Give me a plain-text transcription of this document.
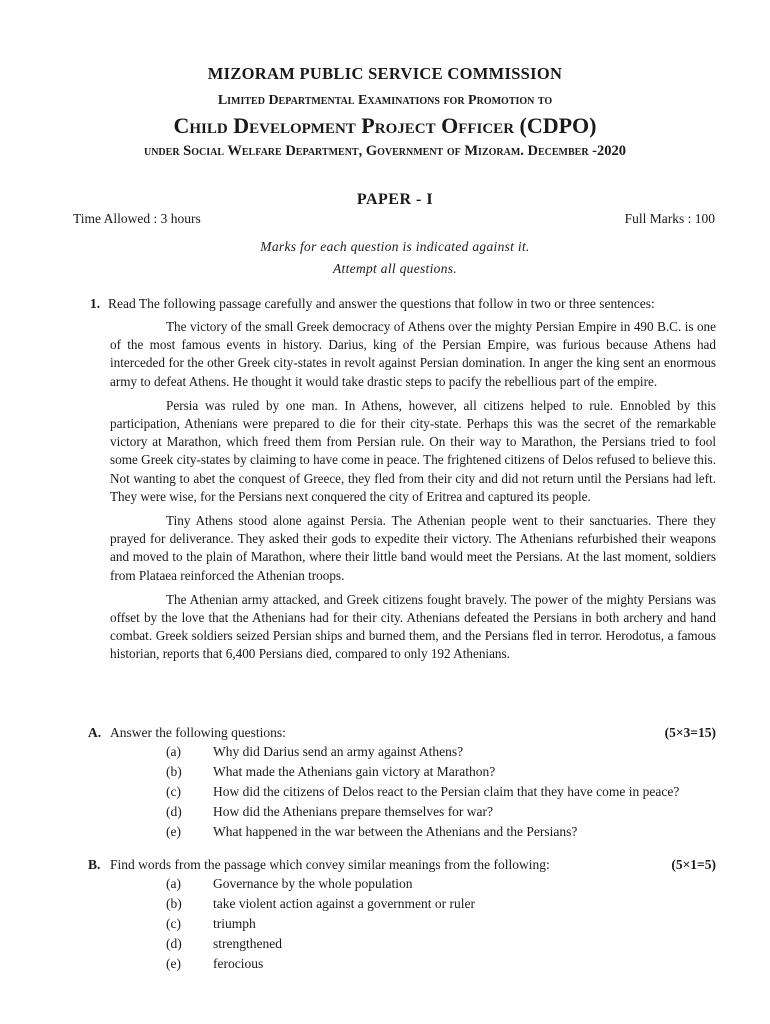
MIZORAM PUBLIC SERVICE COMMISSION
Limited Departmental Examinations for Promotion to
Child Development Project Officer (CDPO)
under Social Welfare Department, Government of Mizoram. December -2020
PAPER - I
Time Allowed : 3 hours	Full Marks : 100
Marks for each question is indicated against it.
Attempt all questions.
1. Read The following passage carefully and answer the questions that follow in two or three sentences:

The victory of the small Greek democracy of Athens over the mighty Persian Empire in 490 B.C. is one of the most famous events in history. Darius, king of the Persian Empire, was furious because Athens had interceded for the other Greek city-states in revolt against Persian domination. In anger the king sent an enormous army to defeat Athens. He thought it would take drastic steps to pacify the rebellious part of the empire.

Persia was ruled by one man. In Athens, however, all citizens helped to rule. Ennobled by this participation, Athenians were prepared to die for their city-state. Perhaps this was the secret of the remarkable victory at Marathon, which freed them from Persian rule. On their way to Marathon, the Persians tried to fool some Greek city-states by claiming to have come in peace. The frightened citizens of Delos refused to believe this. Not wanting to abet the conquest of Greece, they fled from their city and did not return until the Persians had left. They were wise, for the Persians next conquered the city of Eritrea and captured its people.

Tiny Athens stood alone against Persia. The Athenian people went to their sanctuaries. There they prayed for deliverance. They asked their gods to expedite their victory. The Athenians refurbished their weapons and moved to the plain of Marathon, where their little band would meet the Persians. At the last moment, soldiers from Plataea reinforced the Athenian troops.

The Athenian army attacked, and Greek citizens fought bravely. The power of the mighty Persians was offset by the love that the Athenians had for their city. Athenians defeated the Persians in both archery and hand combat. Greek soldiers seized Persian ships and burned them, and the Persians fled in terror. Herodotus, a famous historian, reports that 6,400 Persians died, compared to only 192 Athenians.

A. Answer the following questions:	(5×3=15)
(a) Why did Darius send an army against Athens?
(b) What made the Athenians gain victory at Marathon?
(c) How did the citizens of Delos react to the Persian claim that they have come in peace?
(d) How did the Athenians prepare themselves for war?
(e) What happened in the war between the Athenians and the Persians?
B. Find words from the passage which convey similar meanings from the following:	(5×1=5)
(a) Governance by the whole population
(b) take violent action against a government or ruler
(c) triumph
(d) strengthened
(e) ferocious
